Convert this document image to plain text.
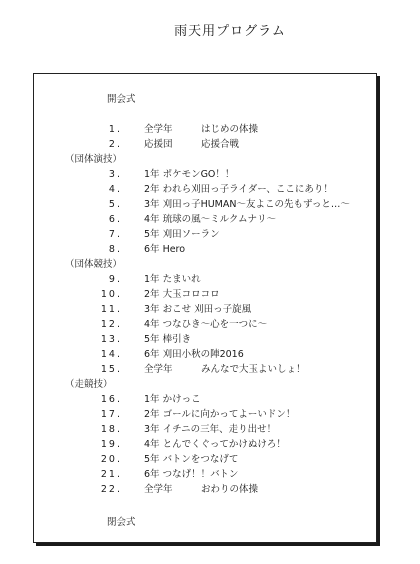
雨天用プログラム
開会式
1. 全学年　　　はじめの体操
2. 応援団　　　応援合戦
（団体演技）
3. 1年 ポケモンGO！！
4. 2年 われら刈田っ子ライダー、ここにあり！
5. 3年 刈田っ子HUMAN〜友よこの先もずっと…〜
6. 4年 琉球の風〜ミルクムナリ〜
7. 5年 刈田ソーラン
8. 6年 Hero
（団体競技）
9. 1年 たまいれ
10. 2年 大玉コロコロ
11. 3年 おこせ 刈田っ子旋風
12. 4年 つなひき〜心を一つに〜
13. 5年 棒引き
14. 6年 刈田小秋の陣2016
15. 全学年　　　みんなで大玉よいしょ！
（走競技）
16. 1年 かけっこ
17. 2年 ゴールに向かってよーいドン！
18. 3年 イチニの三年、走り出せ！
19. 4年 とんでくぐってかけぬけろ！
20. 5年 バトンをつなげて
21. 6年 つなげ！！バトン
22. 全学年　　　おわりの体操
閉会式
